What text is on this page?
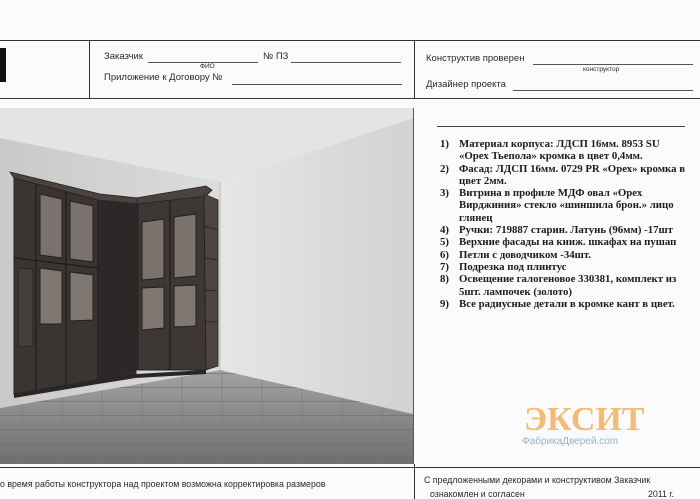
Заказчик
ФИО
№ ПЗ
Приложение к Договору №
Конструктив проверен
конструктор
Дизайнер проекта
1) Материал корпуса: ЛДСП 16мм. 8953 SU «Орех Тьепола» кромка в цвет 0,4мм.
2) Фасад: ЛДСП 16мм. 0729 PR «Орех» кромка в цвет 2мм.
3) Витрина в профиле МДФ овал «Орех Вирджиния» стекло «шиншила брон.» лицо глянец
4) Ручки: 719887 старин. Латунь (96мм) -17шт
5) Верхние фасады на книж. шкафах на пушап
6) Петли с доводчиком -34шт.
7) Подрезка под плинтус
8) Освещение галогеновое 330381, комплект из 5шт. лампочек (золото)
9) Все радиусные детали в кромке кант в цвет.
ЭКСИТ
ФабрикаДверей.com
о время работы конструктора над проектом возможна корректировка размеров	С предложенными декорами и конструктивом Заказчик
ознакомлен и согласен	2011 г.
